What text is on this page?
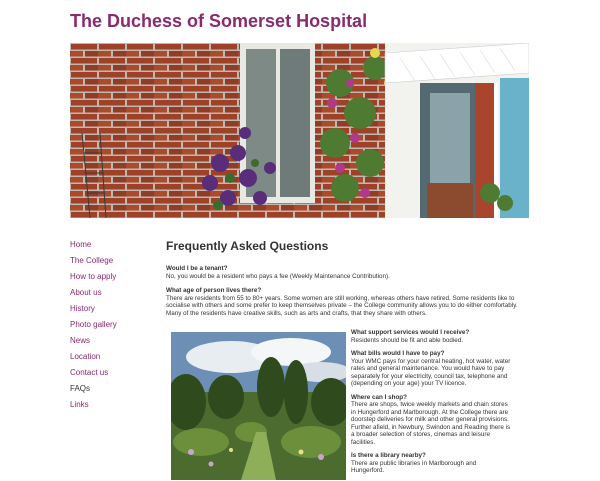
The Duchess of Somerset Hospital
Home
The College
How to apply
About us
History
Photo gallery
News
Location
Contact us
FAQs
Links
Frequently Asked Questions
Would I be a tenant?
No, you would be a resident who pays a fee (Weekly Maintenance Contribution).
What age of person lives there?
There are residents from 55 to 80+ years. Some women are still working, whereas others have retired. Some residents like to socialise with others and some prefer to keep themselves private – the College community allows you to do either comfortably. Many of the residents have creative skills, such as arts and crafts, that they share with others.
What support services would I receive?
Residents should be fit and able bodied.
What bills would I have to pay?
Your WMC pays for your central heating, hot water, water rates and general maintenance. You would have to pay separately for your electricity, council tax, telephone and (depending on your age) your TV licence.
Where can I shop?
There are shops, twice weekly markets and chain stores in Hungerford and Marlborough. At the College there are doorstep deliveries for milk and other general provisions. Further afield, in Newbury, Swindon and Reading there is a broader selection of stores, cinemas and leisure facilities.
Is there a library nearby?
There are public libraries in Marlborough and Hungerford.
